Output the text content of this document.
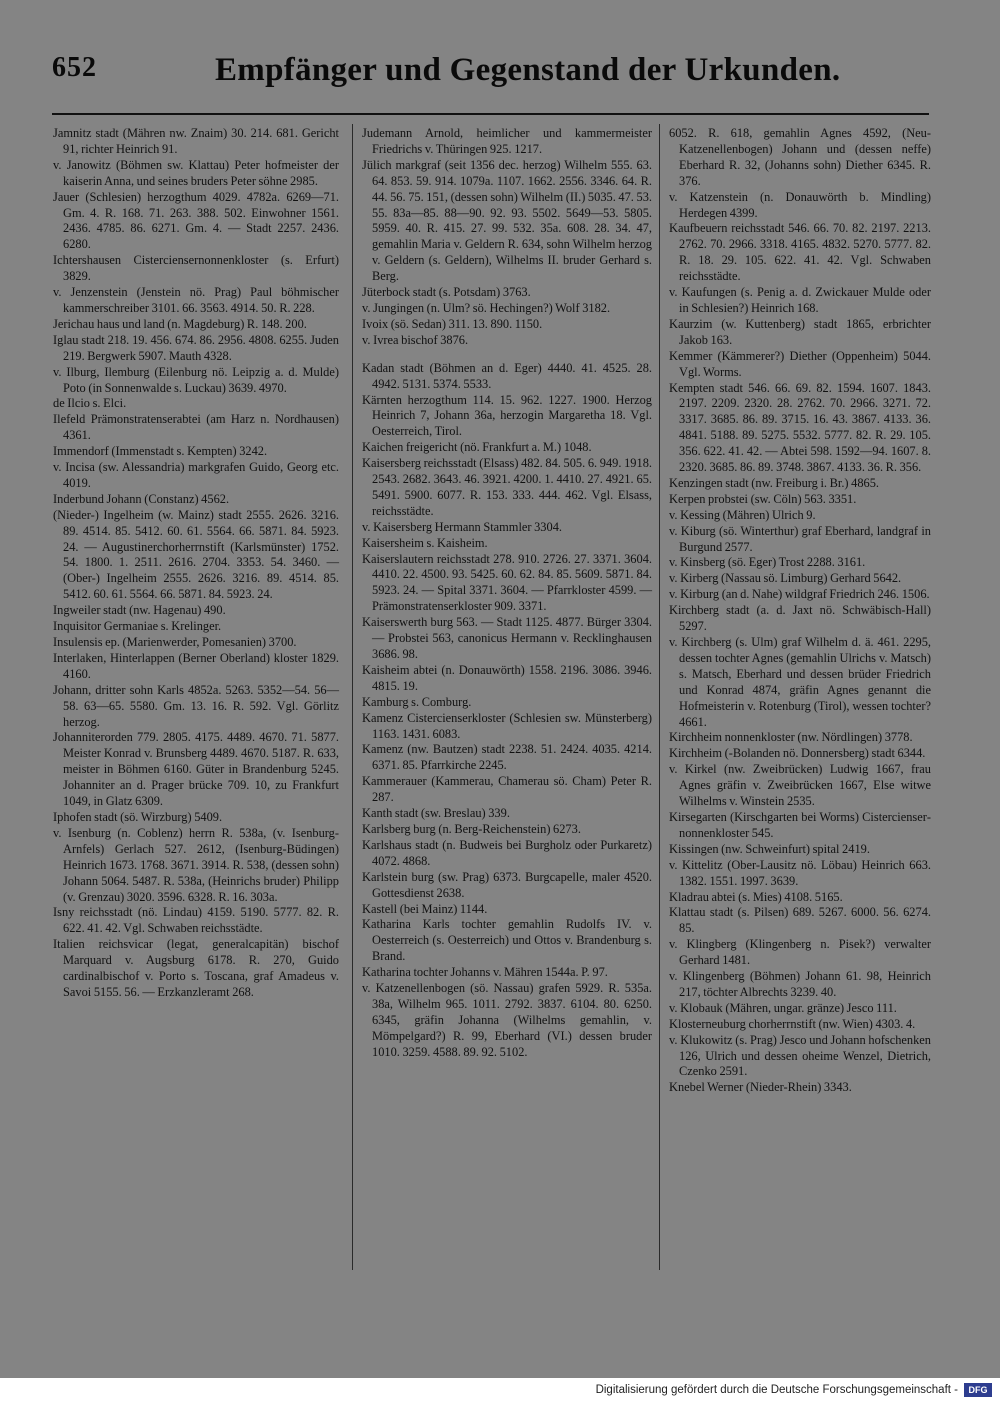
652	Empfänger und Gegenstand der Urkunden.

Jamnitz stadt (Mähren nw. Znaim) 30. 214. 681. Gericht 91, richter Heinrich 91.

v. Janowitz (Böhmen sw. Klattau) Peter hofmeister der kaiserin Anna, und seines bruders Peter söhne 2985.

Jauer (Schlesien) herzogthum 4029. 4782a. 6269—71. Gm. 4. R. 168. 71. 263. 388. 502. Einwohner 1561. 2436. 4785. 86. 6271. Gm. 4. — Stadt 2257. 2436. 6280.

Ichtershausen Cisterciensernonnenkloster (s. Erfurt) 3829.

v. Jenzenstein (Jenstein nö. Prag) Paul böhmischer kammerschreiber 3101. 66. 3563. 4914. 50. R. 228.

Jerichau haus und land (n. Magdeburg) R. 148. 200.

Iglau stadt 218. 19. 456. 674. 86. 2956. 4808. 6255. Juden 219. Bergwerk 5907. Mauth 4328.

v. Ilburg, Ilemburg (Eilenburg nö. Leipzig a. d. Mulde) Poto (in Sonnenwalde s. Luckau) 3639. 4970.

de Ilcio s. Elci.

Ilefeld Prämonstratenserabtei (am Harz n. Nordhausen) 4361.

Immendorf (Immenstadt s. Kempten) 3242.

v. Incisa (sw. Alessandria) markgrafen Guido, Georg etc. 4019.

Inderbund Johann (Constanz) 4562.

(Nieder-) Ingelheim (w. Mainz) stadt 2555. 2626. 3216. 89. 4514. 85. 5412. 60. 61. 5564. 66. 5871. 84. 5923. 24. — Augustinerchorherrnstift (Karlsmünster) 1752. 54. 1800. 1. 2511. 2616. 2704. 3353. 54. 3460. — (Ober-) Ingelheim 2555. 2626. 3216. 89. 4514. 85. 5412. 60. 61. 5564. 66. 5871. 84. 5923. 24.

Ingweiler stadt (nw. Hagenau) 490.

Inquisitor Germaniae s. Krelinger.

Insulensis ep. (Marienwerder, Pomesanien) 3700.

Interlaken, Hinterlappen (Berner Oberland) kloster 1829. 4160.

Johann, dritter sohn Karls 4852a. 5263. 5352—54. 56—58. 63—65. 5580. Gm. 13. 16. R. 592. Vgl. Görlitz herzog.

Johanniterorden 779. 2805. 4175. 4489. 4670. 71. 5877. Meister Konrad v. Brunsberg 4489. 4670. 5187. R. 633, meister in Böhmen 6160. Güter in Brandenburg 5245. Johanniter an d. Prager brücke 709. 10, zu Frankfurt 1049, in Glatz 6309.

Iphofen stadt (sö. Wirzburg) 5409.

v. Isenburg (n. Coblenz) herrn R. 538a, (v. Isenburg-Arnfels) Gerlach 527. 2612, (Isenburg-Büdingen) Heinrich 1673. 1768. 3671. 3914. R. 538, (dessen sohn) Johann 5064. 5487. R. 538a, (Heinrichs bruder) Philipp (v. Grenzau) 3020. 3596. 6328. R. 16. 303a.

Isny reichsstadt (nö. Lindau) 4159. 5190. 5777. 82. R. 622. 41. 42. Vgl. Schwaben reichsstädte.

Italien reichsvicar (legat, generalcapitän) bischof Marquard v. Augsburg 6178. R. 270, Guido cardinalbischof v. Porto s. Toscana, graf Amadeus v. Savoi 5155. 56. — Erzkanzleramt 268.

Judemann Arnold, heimlicher und kammermeister Friedrichs v. Thüringen 925. 1217.

Jülich markgraf (seit 1356 dec. herzog) Wilhelm 555. 63. 64. 853. 59. 914. 1079a. 1107. 1662. 2556. 3346. 64. R. 44. 56. 75. 151, (dessen sohn) Wilhelm (II.) 5035. 47. 53. 55. 83a—85. 88—90. 92. 93. 5502. 5649—53. 5805. 5959. 40. R. 415. 27. 99. 532. 35a. 608. 28. 34. 47, gemahlin Maria v. Geldern R. 634, sohn Wilhelm herzog v. Geldern (s. Geldern), Wilhelms II. bruder Gerhard s. Berg.

Jüterbock stadt (s. Potsdam) 3763.

v. Jungingen (n. Ulm? sö. Hechingen?) Wolf 3182.

Ivoix (sö. Sedan) 311. 13. 890. 1150.

v. Ivrea bischof 3876.

Kadan stadt (Böhmen an d. Eger) 4440. 41. 4525. 28. 4942. 5131. 5374. 5533.

Kärnten herzogthum 114. 15. 962. 1227. 1900. Herzog Heinrich 7, Johann 36a, herzogin Margaretha 18. Vgl. Oesterreich, Tirol.

Kaichen freigericht (nö. Frankfurt a. M.) 1048.

Kaisersberg reichsstadt (Elsass) 482. 84. 505. 6. 949. 1918. 2543. 2682. 3643. 46. 3921. 4200. 1. 4410. 27. 4921. 65. 5491. 5900. 6077. R. 153. 333. 444. 462. Vgl. Elsass, reichsstädte.

v. Kaisersberg Hermann Stammler 3304.

Kaisersheim s. Kaisheim.

Kaiserslautern reichsstadt 278. 910. 2726. 27. 3371. 3604. 4410. 22. 4500. 93. 5425. 60. 62. 84. 85. 5609. 5871. 84. 5923. 24. — Spital 3371. 3604. — Pfarrkloster 4599. — Prämonstratenserkloster 909. 3371.

Kaiserswerth burg 563. — Stadt 1125. 4877. Bürger 3304. — Probstei 563, canonicus Hermann v. Recklinghausen 3686. 98.

Kaisheim abtei (n. Donauwörth) 1558. 2196. 3086. 3946. 4815. 19.

Kamburg s. Comburg.

Kamenz Cistercienserkloster (Schlesien sw. Münsterberg) 1163. 1431. 6083.

Kamenz (nw. Bautzen) stadt 2238. 51. 2424. 4035. 4214. 6371. 85. Pfarrkirche 2245.

Kammerauer (Kammerau, Chamerau sö. Cham) Peter R. 287.

Kanth stadt (sw. Breslau) 339.

Karlsberg burg (n. Berg-Reichenstein) 6273.

Karlshaus stadt (n. Budweis bei Burgholz oder Purkaretz) 4072. 4868.

Karlstein burg (sw. Prag) 6373. Burgcapelle, maler 4520. Gottesdienst 2638.

Kastell (bei Mainz) 1144.

Katharina Karls tochter gemahlin Rudolfs IV. v. Oesterreich (s. Oesterreich) und Ottos v. Brandenburg s. Brand.

Katharina tochter Johanns v. Mähren 1544a. P. 97.

v. Katzenellenbogen (sö. Nassau) grafen 5929. R. 535a. 38a, Wilhelm 965. 1011. 2792. 3837. 6104. 80. 6250. 6345, gräfin Johanna (Wilhelms gemahlin, v. Mömpelgard?) R. 99, Eberhard (VI.) dessen bruder 1010. 3259. 4588. 89. 92. 5102.

6052. R. 618, gemahlin Agnes 4592, (Neu-Katzenellenbogen) Johann und (dessen neffe) Eberhard R. 32, (Johanns sohn) Diether 6345. R. 376.

v. Katzenstein (n. Donauwörth b. Mindling) Herdegen 4399.

Kaufbeuern reichsstadt 546. 66. 70. 82. 2197. 2213. 2762. 70. 2966. 3318. 4165. 4832. 5270. 5777. 82. R. 18. 29. 105. 622. 41. 42. Vgl. Schwaben reichsstädte.

v. Kaufungen (s. Penig a. d. Zwickauer Mulde oder in Schlesien?) Heinrich 168.

Kaurzim (w. Kuttenberg) stadt 1865, erbrichter Jakob 163.

Kemmer (Kämmerer?) Diether (Oppenheim) 5044. Vgl. Worms.

Kempten stadt 546. 66. 69. 82. 1594. 1607. 1843. 2197. 2209. 2320. 28. 2762. 70. 2966. 3271. 72. 3317. 3685. 86. 89. 3715. 16. 43. 3867. 4133. 36. 4841. 5188. 89. 5275. 5532. 5777. 82. R. 29. 105. 356. 622. 41. 42. — Abtei 598. 1592—94. 1607. 8. 2320. 3685. 86. 89. 3748. 3867. 4133. 36. R. 356.

Kenzingen stadt (nw. Freiburg i. Br.) 4865.

Kerpen probstei (sw. Cöln) 563. 3351.

v. Kessing (Mähren) Ulrich 9.

v. Kiburg (sö. Winterthur) graf Eberhard, landgraf in Burgund 2577.

v. Kinsberg (sö. Eger) Trost 2288. 3161.

v. Kirberg (Nassau sö. Limburg) Gerhard 5642.

v. Kirburg (an d. Nahe) wildgraf Friedrich 246. 1506.

Kirchberg stadt (a. d. Jaxt nö. Schwäbisch-Hall) 5297.

v. Kirchberg (s. Ulm) graf Wilhelm d. ä. 461. 2295, dessen tochter Agnes (gemahlin Ulrichs v. Matsch) s. Matsch, Eberhard und dessen brüder Friedrich und Konrad 4874, gräfin Agnes genannt die Hofmeisterin v. Rotenburg (Tirol), wessen tochter? 4661.

Kirchheim nonnenkloster (nw. Nördlingen) 3778.

Kirchheim (-Bolanden nö. Donnersberg) stadt 6344.

v. Kirkel (nw. Zweibrücken) Ludwig 1667, frau Agnes gräfin v. Zweibrücken 1667, Else witwe Wilhelms v. Winstein 2535.

Kirsegarten (Kirschgarten bei Worms) Cisterciensernonnenkloster 545.

Kissingen (nw. Schweinfurt) spital 2419.

v. Kittelitz (Ober-Lausitz nö. Löbau) Heinrich 663. 1382. 1551. 1997. 3639.

Kladrau abtei (s. Mies) 4108. 5165.

Klattau stadt (s. Pilsen) 689. 5267. 6000. 56. 6274. 85.

v. Klingberg (Klingenberg n. Pisek?) verwalter Gerhard 1481.

v. Klingenberg (Böhmen) Johann 61. 98, Heinrich 217, töchter Albrechts 3239. 40.

v. Klobauk (Mähren, ungar. gränze) Jesco 111.

Klosterneuburg chorherrnstift (nw. Wien) 4303. 4.

v. Klukowitz (s. Prag) Jesco und Johann hofschenken 126, Ulrich und dessen oheime Wenzel, Dietrich, Czenko 2591.

Knebel Werner (Nieder-Rhein) 3343.

Digitalisierung gefördert durch die Deutsche Forschungsgemeinschaft -	DFG
